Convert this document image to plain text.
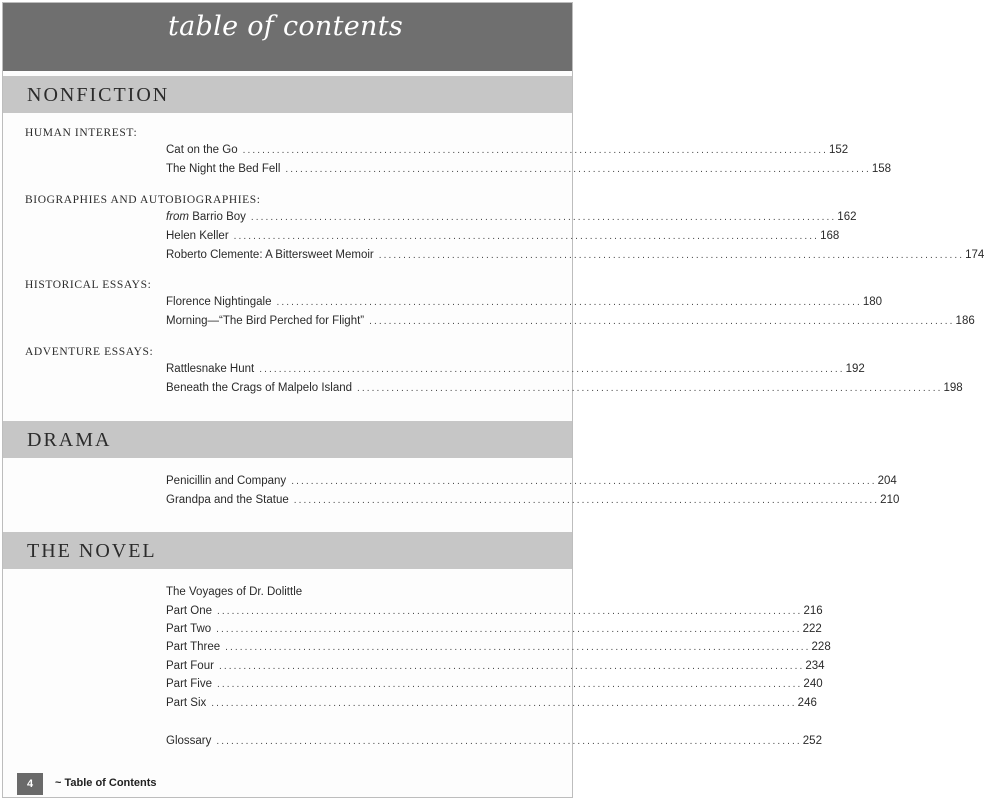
table of contents
NONFICTION
HUMAN INTEREST:
Cat on the Go ........................................................................................................................ 152
The Night the Bed Fell ........................................................................................................................ 158
BIOGRAPHIES AND AUTOBIOGRAPHIES:
from Barrio Boy ........................................................................................................................ 162
Helen Keller ........................................................................................................................ 168
Roberto Clemente: A Bittersweet Memoir ........................................................................................................................ 174
HISTORICAL ESSAYS:
Florence Nightingale ........................................................................................................................ 180
Morning—“The Bird Perched for Flight” ........................................................................................................................ 186
ADVENTURE ESSAYS:
Rattlesnake Hunt ........................................................................................................................ 192
Beneath the Crags of Malpelo Island ........................................................................................................................ 198
DRAMA
Penicillin and Company ........................................................................................................................ 204
Grandpa and the Statue ........................................................................................................................ 210
THE NOVEL
The Voyages of Dr. Dolittle
Part One ........................................................................................................................ 216
Part Two ........................................................................................................................ 222
Part Three ........................................................................................................................ 228
Part Four ........................................................................................................................ 234
Part Five ........................................................................................................................ 240
Part Six ........................................................................................................................ 246
Glossary ........................................................................................................................ 252
4	~ Table of Contents
